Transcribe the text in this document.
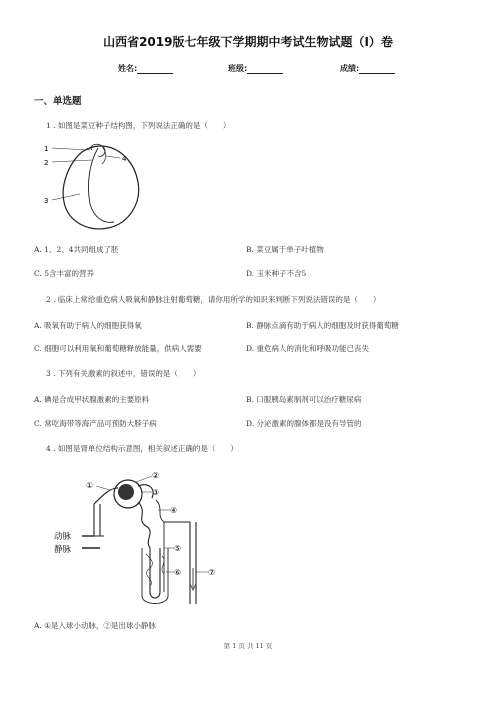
山西省2019版七年级下学期期中考试生物试题（I）卷
姓名:	班级:	成绩:
一、单选题
1 . 如图是菜豆种子结构图，下列说法正确的是（　　）
1
2
3
4
A. 1、2、4共同组成了胚	B. 菜豆属于单子叶植物
C. 5含丰富的营养	D. 玉米种子不含5
2 . 临床上常给重危病人吸氧和静脉注射葡萄糖，请你用所学的知识来判断下列说法错误的是（　　）
A. 吸氧有助于病人的细胞获得氧	B. 静脉点滴有助于病人的细胞及时获得葡萄糖
C. 细胞可以利用氧和葡萄糖释放能量，供病人需要	D. 重危病人的消化和呼吸功能已丧失
3 . 下列有关激素的叙述中，错误的是（　　）
A. 碘是合成甲状腺激素的主要原料	B. 口服胰岛素制剂可以治疗糖尿病
C. 常吃海带等海产品可预防大脖子病	D. 分泌激素的腺体都是没有导管的
4 . 如图是肾单位结构示意图，相关叙述正确的是（　　）
①
②
③
④
⑤
⑥	⑦
动脉
静脉
A. ①是入球小动脉，②是出球小静脉
第 1 页 共 11 页
